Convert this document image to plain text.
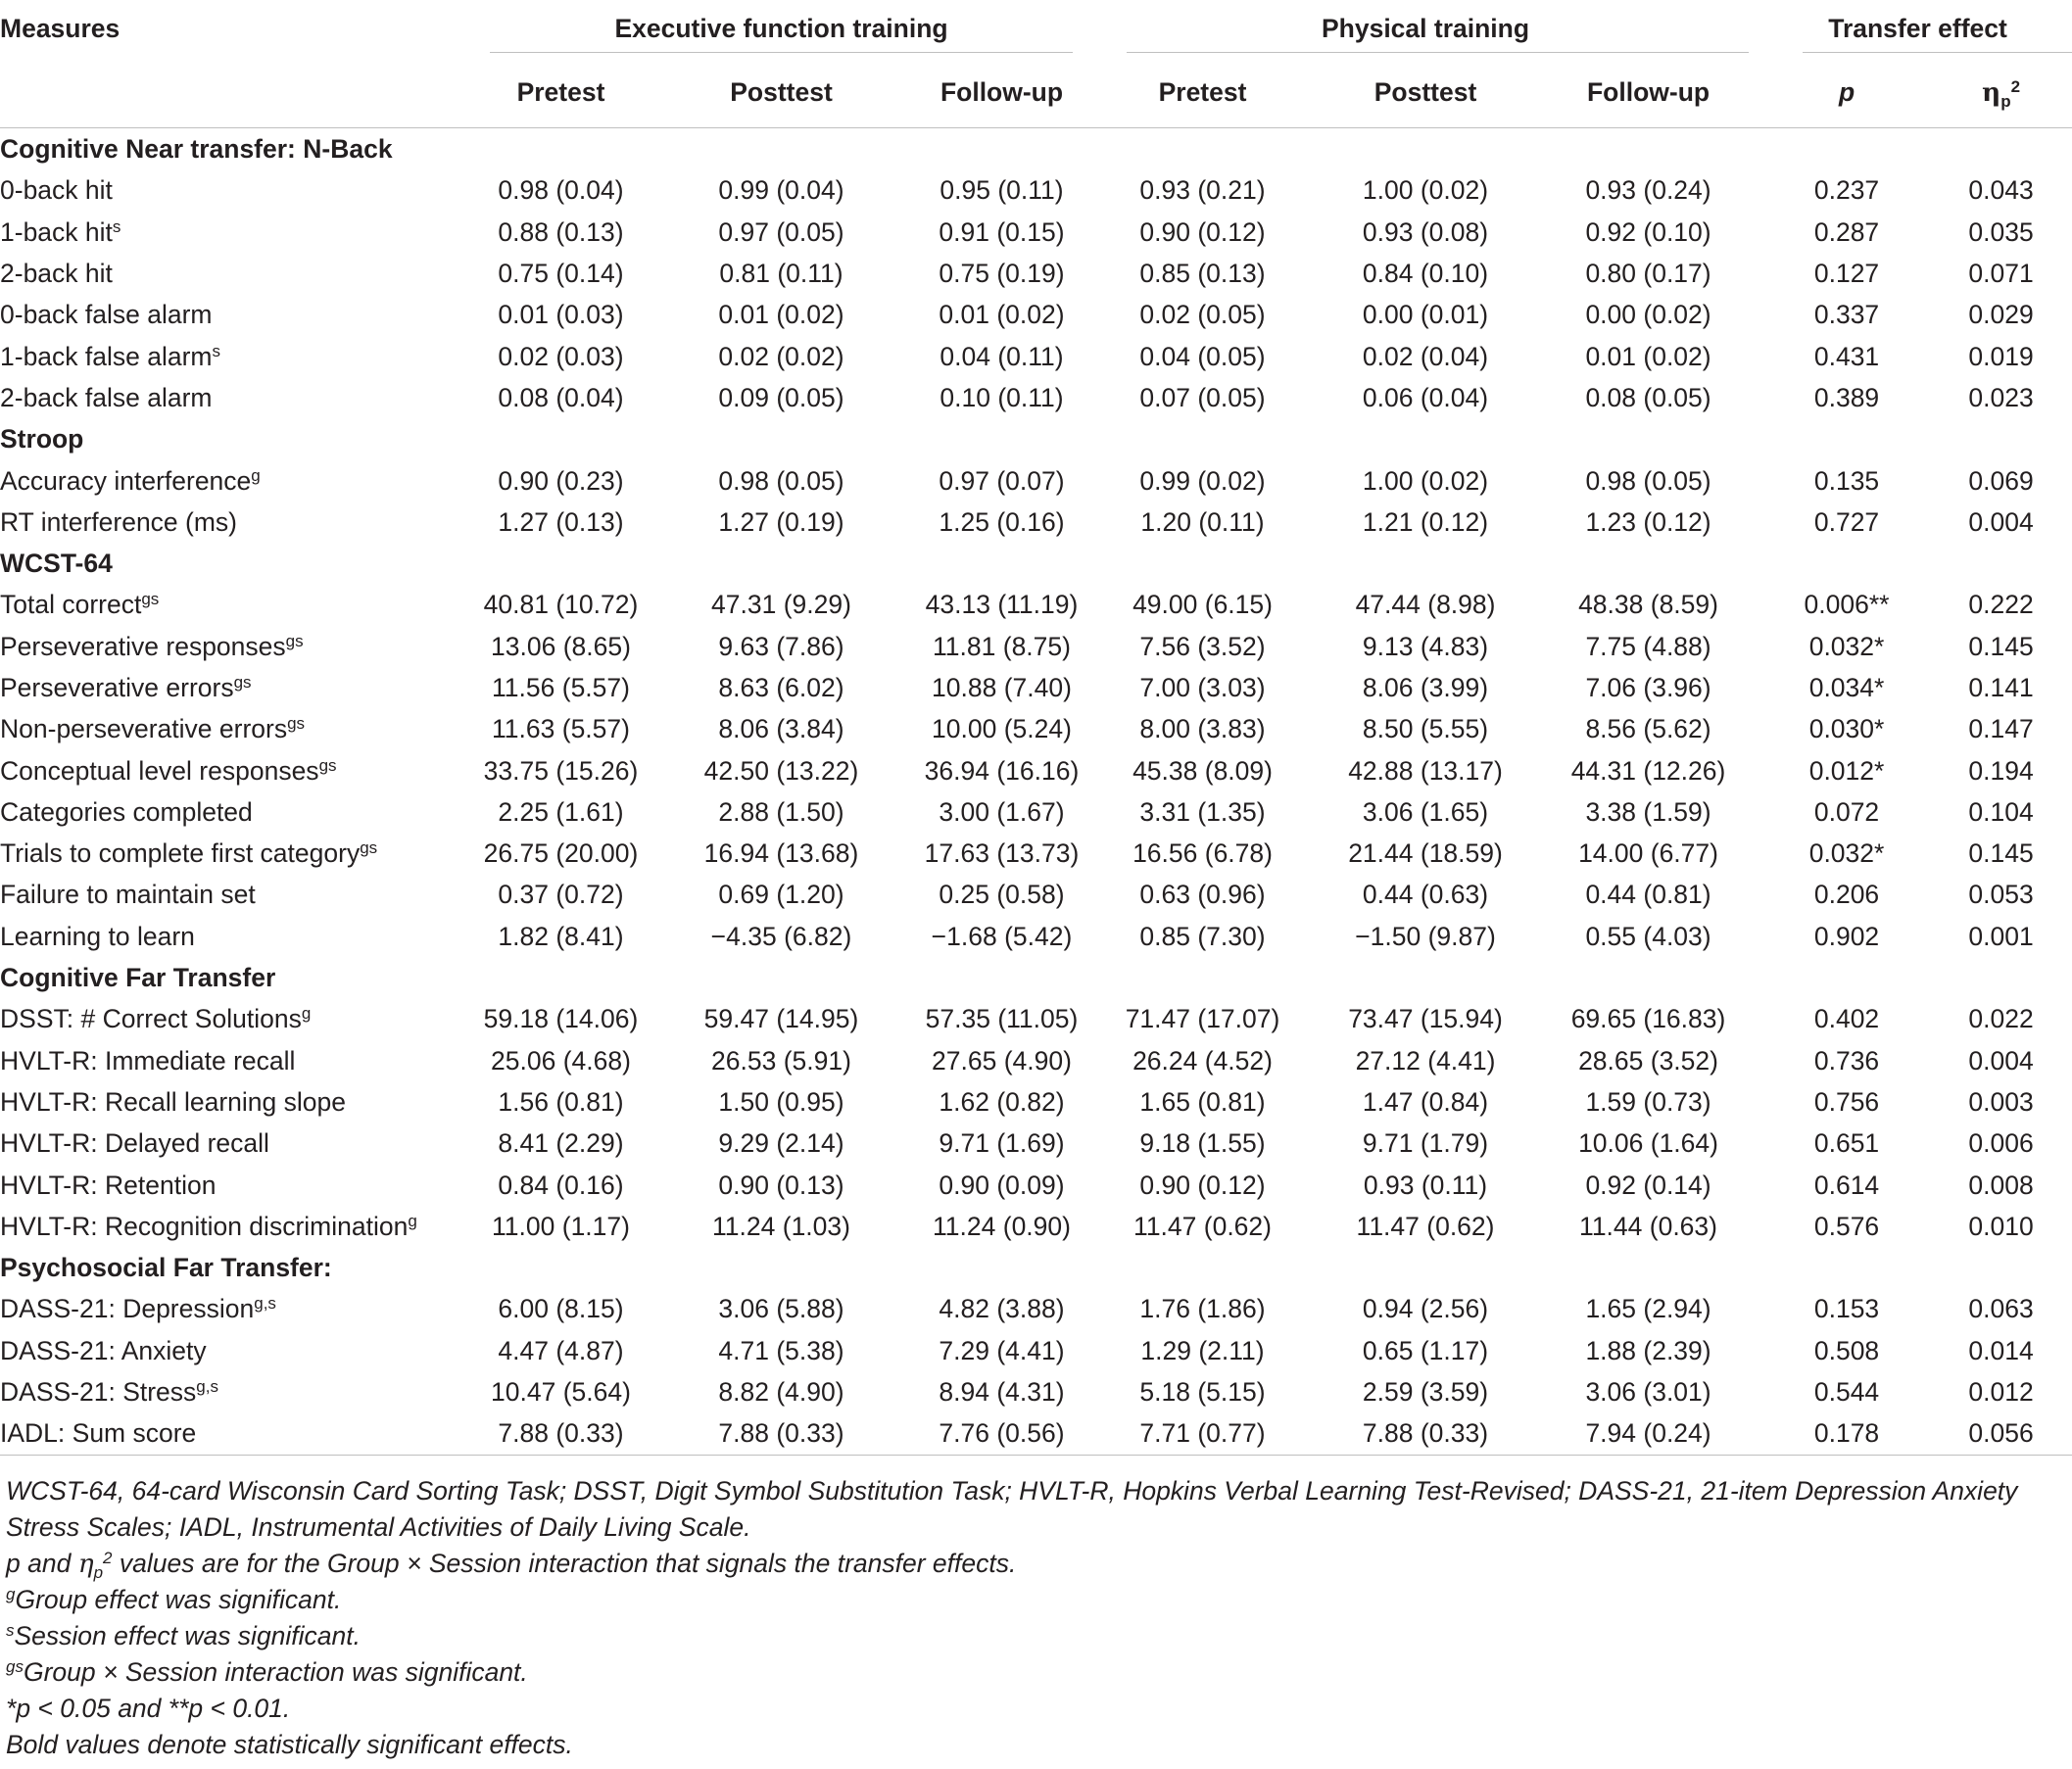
Measures	Executive function training			Physical training			Transfer effect	

	Pretest	Posttest	Follow-up	Pretest	Posttest	Follow-up	p	$\eta_p^2$
Cognitive Near transfer: N-Back								
0-back hit	0.98 (0.04)	0.99 (0.04)	0.95 (0.11)	0.93 (0.21)	1.00 (0.02)	0.93 (0.24)	0.237	0.043
1-back hit$^s$	0.88 (0.13)	0.97 (0.05)	0.91 (0.15)	0.90 (0.12)	0.93 (0.08)	0.92 (0.10)	0.287	0.035
2-back hit	0.75 (0.14)	0.81 (0.11)	0.75 (0.19)	0.85 (0.13)	0.84 (0.10)	0.80 (0.17)	0.127	0.071
0-back false alarm	0.01 (0.03)	0.01 (0.02)	0.01 (0.02)	0.02 (0.05)	0.00 (0.01)	0.00 (0.02)	0.337	0.029
1-back false alarm$^s$	0.02 (0.03)	0.02 (0.02)	0.04 (0.11)	0.04 (0.05)	0.02 (0.04)	0.01 (0.02)	0.431	0.019
2-back false alarm	0.08 (0.04)	0.09 (0.05)	0.10 (0.11)	0.07 (0.05)	0.06 (0.04)	0.08 (0.05)	0.389	0.023
Stroop								
Accuracy interference$^g$	0.90 (0.23)	0.98 (0.05)	0.97 (0.07)	0.99 (0.02)	1.00 (0.02)	0.98 (0.05)	0.135	0.069
RT interference (ms)	1.27 (0.13)	1.27 (0.19)	1.25 (0.16)	1.20 (0.11)	1.21 (0.12)	1.23 (0.12)	0.727	0.004
WCST-64								
Total correct$^{gs}$	40.81 (10.72)	47.31 (9.29)	43.13 (11.19)	49.00 (6.15)	47.44 (8.98)	48.38 (8.59)	0.006**	0.222
Perseverative responses$^{gs}$	13.06 (8.65)	9.63 (7.86)	11.81 (8.75)	7.56 (3.52)	9.13 (4.83)	7.75 (4.88)	0.032*	0.145
Perseverative errors$^{gs}$	11.56 (5.57)	8.63 (6.02)	10.88 (7.40)	7.00 (3.03)	8.06 (3.99)	7.06 (3.96)	0.034*	0.141
Non-perseverative errors$^{gs}$	11.63 (5.57)	8.06 (3.84)	10.00 (5.24)	8.00 (3.83)	8.50 (5.55)	8.56 (5.62)	0.030*	0.147
Conceptual level responses$^{gs}$	33.75 (15.26)	42.50 (13.22)	36.94 (16.16)	45.38 (8.09)	42.88 (13.17)	44.31 (12.26)	0.012*	0.194
Categories completed	2.25 (1.61)	2.88 (1.50)	3.00 (1.67)	3.31 (1.35)	3.06 (1.65)	3.38 (1.59)	0.072	0.104
Trials to complete first category$^{gs}$	26.75 (20.00)	16.94 (13.68)	17.63 (13.73)	16.56 (6.78)	21.44 (18.59)	14.00 (6.77)	0.032*	0.145
Failure to maintain set	0.37 (0.72)	0.69 (1.20)	0.25 (0.58)	0.63 (0.96)	0.44 (0.63)	0.44 (0.81)	0.206	0.053
Learning to learn	1.82 (8.41)	−4.35 (6.82)	−1.68 (5.42)	0.85 (7.30)	−1.50 (9.87)	0.55 (4.03)	0.902	0.001
Cognitive Far Transfer								
DSST: # Correct Solutions$^g$	59.18 (14.06)	59.47 (14.95)	57.35 (11.05)	71.47 (17.07)	73.47 (15.94)	69.65 (16.83)	0.402	0.022
HVLT-R: Immediate recall	25.06 (4.68)	26.53 (5.91)	27.65 (4.90)	26.24 (4.52)	27.12 (4.41)	28.65 (3.52)	0.736	0.004
HVLT-R: Recall learning slope	1.56 (0.81)	1.50 (0.95)	1.62 (0.82)	1.65 (0.81)	1.47 (0.84)	1.59 (0.73)	0.756	0.003
HVLT-R: Delayed recall	8.41 (2.29)	9.29 (2.14)	9.71 (1.69)	9.18 (1.55)	9.71 (1.79)	10.06 (1.64)	0.651	0.006
HVLT-R: Retention	0.84 (0.16)	0.90 (0.13)	0.90 (0.09)	0.90 (0.12)	0.93 (0.11)	0.92 (0.14)	0.614	0.008
HVLT-R: Recognition discrimination$^g$	11.00 (1.17)	11.24 (1.03)	11.24 (0.90)	11.47 (0.62)	11.47 (0.62)	11.44 (0.63)	0.576	0.010
Psychosocial Far Transfer:								
DASS-21: Depression$^{g,s}$	6.00 (8.15)	3.06 (5.88)	4.82 (3.88)	1.76 (1.86)	0.94 (2.56)	1.65 (2.94)	0.153	0.063
DASS-21: Anxiety	4.47 (4.87)	4.71 (5.38)	7.29 (4.41)	1.29 (2.11)	0.65 (1.17)	1.88 (2.39)	0.508	0.014
DASS-21: Stress$^{g,s}$	10.47 (5.64)	8.82 (4.90)	8.94 (4.31)	5.18 (5.15)	2.59 (3.59)	3.06 (3.01)	0.544	0.012
IADL: Sum score	7.88 (0.33)	7.88 (0.33)	7.76 (0.56)	7.71 (0.77)	7.88 (0.33)	7.94 (0.24)	0.178	0.056

WCST-64, 64-card Wisconsin Card Sorting Task; DSST, Digit Symbol Substitution Task; HVLT-R, Hopkins Verbal Learning Test-Revised; DASS-21, 21-item Depression Anxiety Stress Scales; IADL, Instrumental Activities of Daily Living Scale.

p and $\eta_p^2$ values are for the Group × Session interaction that signals the transfer effects.

$^g$Group effect was significant.

$^s$Session effect was significant.

$^{gs}$Group × Session interaction was significant.

*p < 0.05 and **p < 0.01.

Bold values denote statistically significant effects.
